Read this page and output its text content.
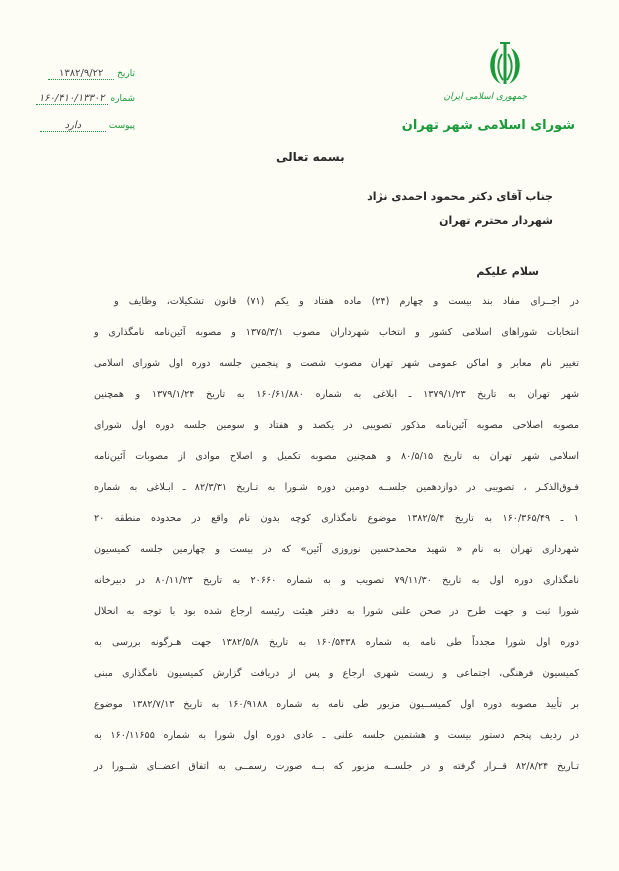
جمهوری اسلامی ایران
شورای اسلامی شهر تهران
تاریخ ۱۳۸۲/۹/۲۲
شماره ۱۶۰/۴۱۰/۱۳۳۰۲
پیوست دارد
بسمه تعالی
جناب آقای دکتر محمود احمدی نژاد
شهردار محترم تهران
سلام علیکم
در اجــرای مفاد بند بیست و چهارم (۲۴) ماده هفتاد و یکم (۷۱) قانون تشکیلات، وظایف و
انتخابات شوراهای اسلامی کشور و انتخاب شهرداران مصوب ۱۳۷۵/۳/۱ و مصوبه آئین‌نامه نامگذاری و
تغییر نام معابر و اماکن عمومی شهر تهران مصوب شصت و پنجمین جلسه دوره اول شورای اسلامی
شهر تهران به تاریخ ۱۳۷۹/۱/۲۳ ـ ابلاغی به شماره ۱۶۰/۶۱/۸۸۰ به تاریخ ۱۳۷۹/۱/۲۴ و همچنین
مصوبه اصلاحی مصوبه آئین‌نامه مذکور تصویبی در یکصد و هفتاد و سومین جلسه دوره اول شورای
اسلامی شهر تهران به تاریخ ۸۰/۵/۱۵ و همچنین مصوبه تکمیل و اصلاح موادی از مصوبات آئین‌نامه
فـوق‌الذکـر ، تصویبی در دوازدهمین جلســه دومین دوره شـورا به تـاریخ ۸۲/۳/۳۱ ـ ابـلاغی به شماره
۱ ـ ۱۶۰/۳۶۵/۴۹ به تاریخ ۱۳۸۲/۵/۴ موضوع نامگذاری کوچه بدون نام واقع در محدوده منطقه ۲۰
شهرداری تهران به نام « شهید محمدحسین نوروزی آئین» که در بیست و چهارمین جلسه کمیسیون
نامگذاری دوره اول به تاریخ ۷۹/۱۱/۳۰ تصویب و به شماره ۲۰۶۶۰ به تاریخ ۸۰/۱۱/۲۳ در دبیرخانه
شورا ثبت و جهت طرح در صحن علنی شورا به دفتر هیئت رئیسه ارجاع شده بود با توجه به انحلال
دوره اول شورا مجدداً طی نامه به شماره ۱۶۰/۵۴۳۸ به تاریخ ۱۳۸۲/۵/۸ جهت هـرگونه بررسی به
کمیسیون فرهنگی، اجتماعی و زیست شهری ارجاع و پس از دریافت گزارش کمیسیون نامگذاری مبنی
بر تأیید مصوبه دوره اول کمیســیون مزبور طی نامه به شماره ۱۶۰/۹۱۸۸ به تاریخ ۱۳۸۲/۷/۱۳ موضوع
در ردیف پنجم دستور بیست و هشتمین جلسه علنی ـ عادی دوره اول شورا به شماره ۱۶۰/۱۱۶۵۵ به
تـاریخ ۸۲/۸/۲۴ قــرار گرفته و در جلســه مزبور که بــه صورت رسمــی به اتفاق اعضــای شــورا در
